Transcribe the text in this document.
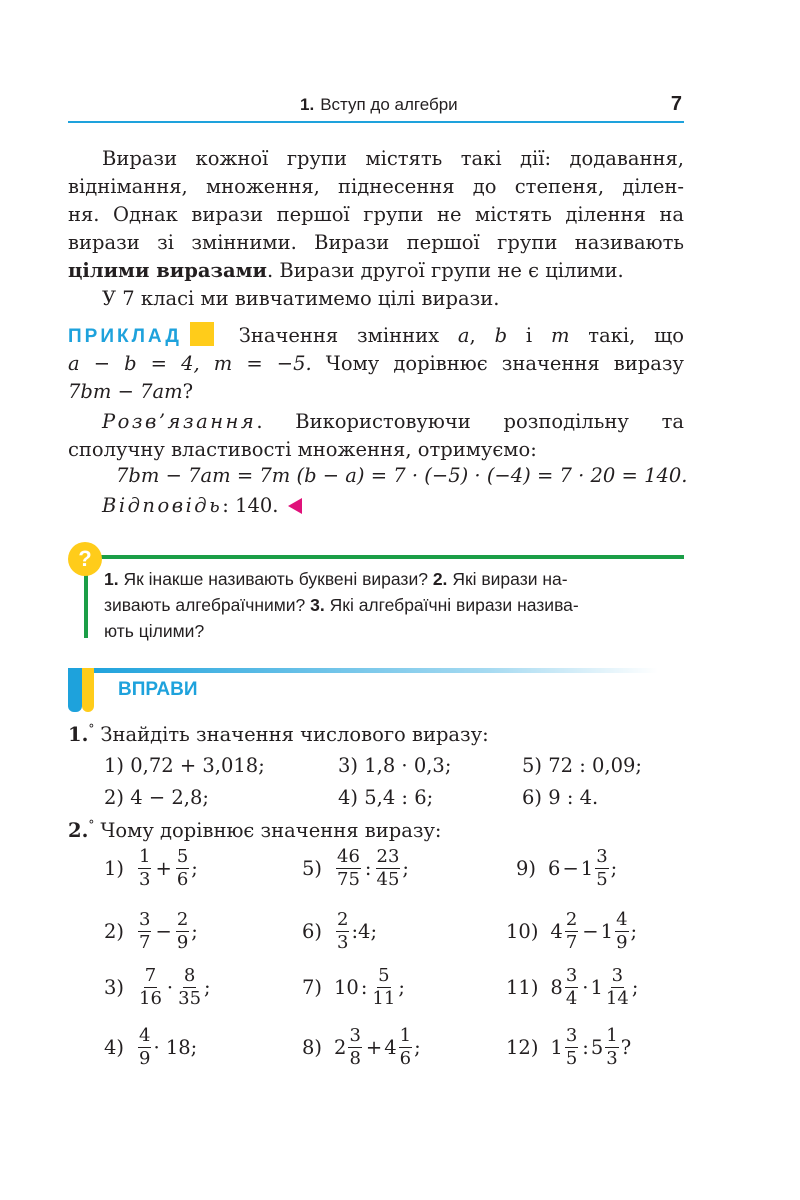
1. Вступ до алгебри	7
Вирази кожної групи містять такі дії: додавання,
віднімання, множення, піднесення до степеня, ділен-
ня. Однак вирази першої групи не містять ділення на
вирази зі змінними. Вирази першої групи називають
цілими виразами. Вирази другої групи не є цілими.
У 7 класі ми вивчатимемо цілі вирази.
ПРИКЛАД	Значення змінних a, b і m такі, що
a − b = 4, m = −5. Чому дорівнює значення виразу
7bm − 7am?
Розв’язання. Використовуючи розподільну та
сполучну властивості множення, отримуємо:
7bm − 7am = 7m (b − a) = 7 · (−5) · (−4) = 7 · 20 = 140.
Відповідь: 140.
?
1. Як інакше називають буквені вирази? 2. Які вирази на-
зивають алгебраїчними? 3. Які алгебраїчні вирази назива-
ють цілими?
ВПРАВИ
1.° Знайдіть значення числового виразу:
1) 0,72 + 3,018;	3) 1,8 · 0,3;	5) 72 : 0,09;
2) 4 − 2,8;	4) 5,4 : 6;	6) 9 : 4.
2.° Чому дорівнює значення виразу:
$1) \frac{1}{3} + \frac{5}{6}$ ;	$5) \frac{46}{75}$ : $\frac{23}{45}$ ;	9) $6 - 1 \frac{3}{5}$ ;
$2) \frac{3}{7} - \frac{2}{9}$ ;	$6) \frac{2}{3}$ :4;	10) $4 \frac{2}{7} - 1 \frac{4}{9}$ ;
$3) \frac{7}{16} \cdot \frac{8}{35}$ ;	7) 10 : $\frac{5}{11}$ ;	11) $8 \frac{3}{4} \cdot 1 \frac{3}{14}$ ;
$4) \frac{4}{9} \cdot 18$;	8) $2 \frac{3}{8} + 4 \frac{1}{6}$ ;	12) $1 \frac{3}{5}$ : $5 \frac{1}{3}$ ?
